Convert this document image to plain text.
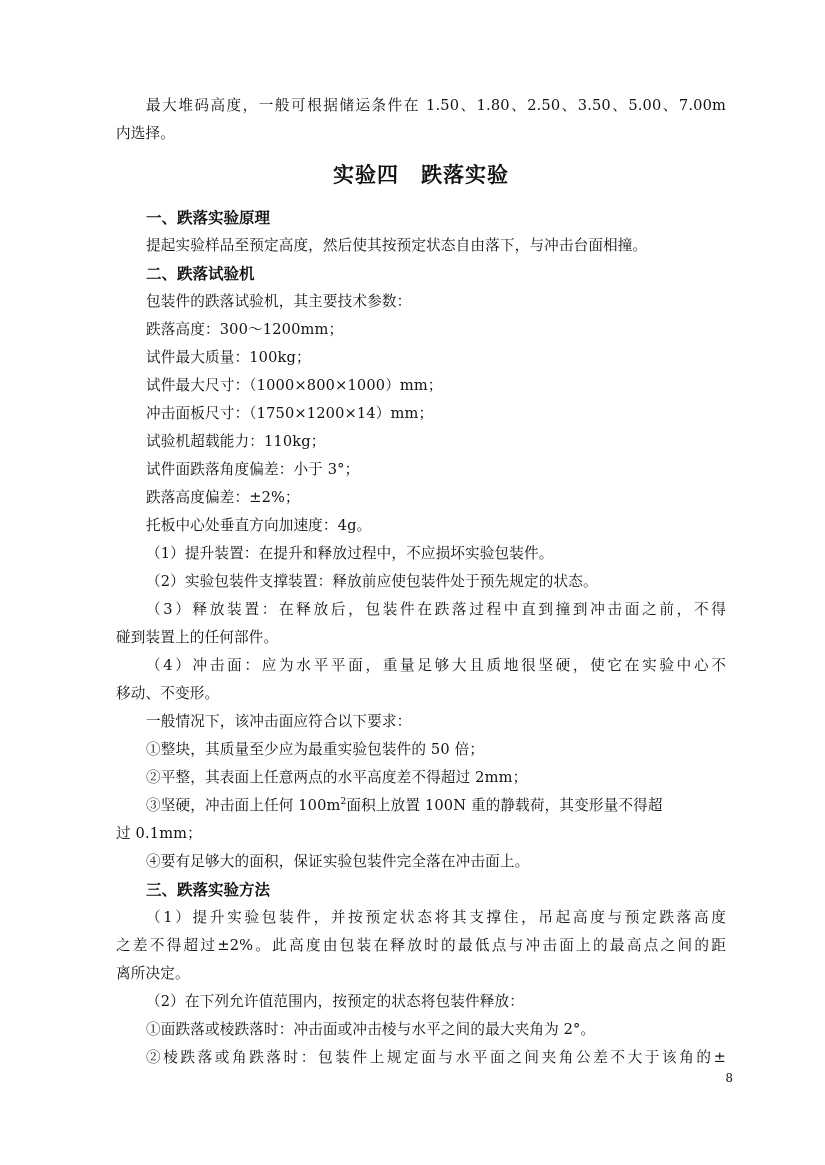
最大堆码高度，一般可根据储运条件在 1.50、1.80、2.50、3.50、5.00、7.00m
内选择。
实验四　跌落实验
一、跌落实验原理
提起实验样品至预定高度，然后使其按预定状态自由落下，与冲击台面相撞。
二、跌落试验机
包装件的跌落试验机，其主要技术参数：
跌落高度：300～1200mm；
试件最大质量：100kg；
试件最大尺寸：（1000×800×1000）mm；
冲击面板尺寸：（1750×1200×14）mm；
试验机超载能力：110kg；
试件面跌落角度偏差：小于 3°；
跌落高度偏差：±2%；
托板中心处垂直方向加速度：4g。
（1）提升装置：在提升和释放过程中，不应损坏实验包装件。
（2）实验包装件支撑装置：释放前应使包装件处于预先规定的状态。
（3）释放装置：在释放后，包装件在跌落过程中直到撞到冲击面之前，不得
碰到装置上的任何部件。
（4）冲击面：应为水平平面，重量足够大且质地很坚硬，使它在实验中心不
移动、不变形。
一般情况下，该冲击面应符合以下要求：
①整块，其质量至少应为最重实验包装件的 50 倍；
②平整，其表面上任意两点的水平高度差不得超过 2mm；
③坚硬，冲击面上任何 $100m^2$面积上放置 100N 重的静载荷，其变形量不得超
过 0.1mm；
④要有足够大的面积，保证实验包装件完全落在冲击面上。
三、跌落实验方法
（1）提升实验包装件，并按预定状态将其支撑住，吊起高度与预定跌落高度
之差不得超过±2%。此高度由包装在释放时的最低点与冲击面上的最高点之间的距
离所决定。
（2）在下列允许值范围内，按预定的状态将包装件释放：
①面跌落或棱跌落时：冲击面或冲击棱与水平之间的最大夹角为 2°。
②棱跌落或角跌落时：包装件上规定面与水平面之间夹角公差不大于该角的±
8
